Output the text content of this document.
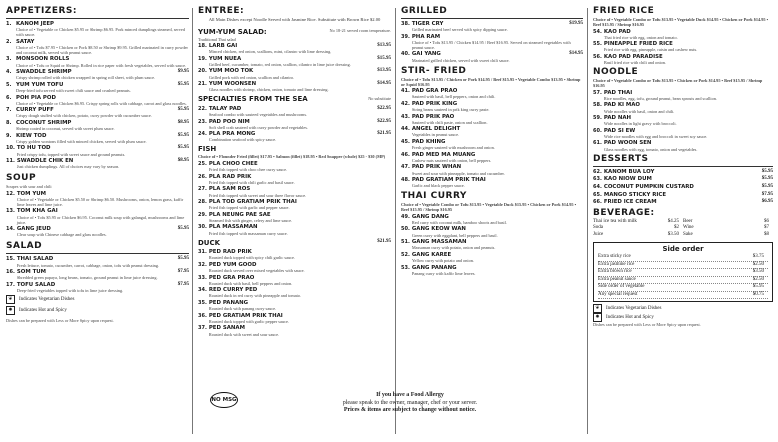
APPETIZERS:
1. KANOM JEEP
Choice of • Vegetable or Chicken $5.95 or Shrimp $6.95. Pork minced dumplings steamed, served with sauce.
2. SATAY
Choice of • Tofu $7.95 • Chicken or Pork $8.50 or Shrimp $9.95. Grilled marinated in curry powder and coconut milk, served with peanut sauce.
3. MONSOON ROLLS
Choice of • Tofu or Squid or Shrimp. Rolled in rice paper with fresh vegetables, served with sauce.
4. SWADDLE SHRIMP	$9.95
Crispy shrimp rolled with chicken wrapped in spring roll sheet, with plum sauce.
5. YUM YUM TOFU	$5.95
Deep-fried tofu served with sweet chili sauce and crushed peanuts.
6. POH PIA POD
Choice of • Vegetable or Chicken $6.95. Crispy spring rolls with cabbage, carrot and glass noodles.
7. CURRY PUFF	$5.95
Crispy dough stuffed with chicken, potato, curry powder with cucumber sauce.
8. COCONUT SHRIMP	$8.95
Shrimp coated in coconut, served with sweet plum sauce.
9. KIEW TOD	$5.95
Crispy golden wontons filled with minced chicken, served with plum sauce.
10. TO HU TOD	$5.95
Fried crispy tofu, topped with sweet sauce and ground peanuts.
11. SWADDLE CHIK EN	$8.95
Just chicken dumplings. All of choices may vary by season.
SOUP
Soupes with sour and chili
12. TOM YUM
Choice of • Vegetable or Chicken $5.50 or Shrimp $6.50. Mushrooms, onion, lemon grass, kaffir lime leaves and lime juice.
13. TOM KHA GAI
Choice of • Tofu $5.95 or Chicken $6.95. Coconut milk soup with galangal, mushrooms and lime juice.
14. GANG JEUD	$5.95
Clear soup with Chinese cabbage and glass noodles.
SALAD
15. THAI SALAD	$5.95
Fresh lettuce, tomato, cucumber, carrot, cabbage, onion, tofu with peanut dressing.
16. SOM TUM	$7.95
Shredded green papaya, long beans, tomato, ground peanut in lime juice dressing.
17. TOFU SALAD	$7.95
Deep-fried vegetables topped with tofu in lime juice dressing.
❦	Indicates Vegetarian Dishes
✸	Indicates Hot and Spicy
Dishes can be prepared with Less or More Spicy upon request.
ENTREE:
All Main Dishes except Noodle Served with Jasmine Rice. Substitute with Brown Rice $2.00
YUM-YUM SALAD:	No 18-21 served room temperature.
Traditional Thai salad
18. LARB GAI	$13.95
Minced chicken, red onion, scallions, mint, cilantro with lime dressing.
19. YUM NUEA	$15.95
Grilled beef, cucumber, tomato, red onion, scallion, cilantro in lime juice dressing.
20. YUM MOO TOK	$13.95
Grilled pork with red onion, scallion and cilantro.
21. YUM WOONSEN	$14.95
Glass noodles with shrimp, chicken, onion, tomato and lime dressing.
SPECIALTIES FROM THE SEA	No substitute
22. TALAY PAD	$22.95
Seafood combo with sauteed vegetables and mushrooms.
23. PAD POO NIM	$22.95
Soft shell crab sauteed with curry powder and vegetables.
24. PLA PRA MONG	$21.95
Combination seafood with spicy sauce.
FISH
Choice of • Flounder Fried (fillet) $17.95 • Salmon (fillet) $18.95 • Red Snapper (whole) $25 - $30 (MP)
25. PLA CHOO CHEE
Fried fish topped with choo chee curry sauce.
26. PLA RAD PRIK
Fried fish topped with chili garlic and basil sauce.
27. PLA SAM ROS
Fried fish topped with sweet and sour three flavor sauce.
28. PLA TOD GRATIAM PRIK THAI
Fried fish topped with garlic and pepper sauce.
29. PLA NEUNG PAE SAE
Steamed fish with ginger, celery and lime sauce.
30. PLA MASSAMAN
Fried fish topped with massaman curry sauce.
DUCK	$21.95
31. PED RAD PRIK
Roasted duck topped with spicy chili garlic sauce.
32. PED YUM GOOD
Roasted duck served over mixed vegetables with sauce.
33. PED GRA PRAO
Roasted duck with basil, bell peppers and onion.
34. RED CURRY PED
Roasted duck in red curry with pineapple and tomato.
35. PED PANANG
Roasted duck with panang curry sauce.
36. PED GRATIAM PRIK THAI
Roasted duck topped with garlic pepper sauce.
37. PED SANAM
Roasted duck with sweet and sour sauce.
GRILLED
38. TIGER CRY	$19.95
Grilled marinated beef served with spicy dipping sauce.
39. PHA RAM
Choice of • Tofu $13.95 / Chicken $14.95 / Beef $16.95. Served on steamed vegetables with peanut sauce.
40. GAI YANG	$14.95
Marinated grilled chicken, served with sweet chili sauce.
STIR- FRIED
Choice of • Tofu $13.95 / Chicken or Pork $14.95 / Beef $15.95 • Vegetable Combo $13.95 • Shrimp or Squid $16.95
41. PAD GRA PRAO
Sauteed with basil, bell peppers, onion and chili.
42. PAD PRIK KING
String beans sauteed in prik king curry paste.
43. PAD PRIK PAO
Sauteed with chili paste, onion and scallion.
44. ANGEL DELIGHT
Vegetables in peanut sauce.
45. PAD KHING
Fresh ginger sauteed with mushroom and onion.
46. PAD MED MA MUANG
Cashew nuts sauteed with onion, bell peppers.
47. PAD PRIK WHAN
Sweet and sour with pineapple, tomato and cucumber.
48. PAD GRATIAM PRIK THAI
Garlic and black pepper sauce.
THAI CURRY
Choice of • Vegetable Combo or Tofu $13.95 • Vegetable Duck $15.95 • Chicken or Pork $14.95 • Beef $15.95 / Shrimp $16.95
49. GANG DANG
Red curry with coconut milk, bamboo shoots and basil.
50. GANG KEOW WAN
Green curry with eggplant, bell peppers and basil.
51. GANG MASSAMAN
Massaman curry with potato, onion and peanuts.
52. GANG KAREE
Yellow curry with potato and onion.
53. GANG PANANG
Panang curry with kaffir lime leaves.
FRIED RICE
Choice of • Vegetable Combo or Tofu $13.95 • Vegetable Duck $14.95 • Chicken or Pork $14.95 • Beef $15.95 / Shrimp $16.95
54. KAO PAD
Thai fried rice with egg, onion and tomato.
55. PINEAPPLE FRIED RICE
Fried rice with egg, pineapple, raisin and cashew nuts.
56. KAO PAD PARADISE
Basil fried rice with chili and onion.
NOODLE
Choice of • Vegetable Combo or Tofu $13.95 • Chicken or Pork $14.95 • Beef $15.95 / Shrimp $16.95
57. PAD THAI
Rice noodles, egg, tofu, ground peanut, bean sprouts and scallion.
58. PAD KI MAO
Wide noodles with basil, onion and chili.
59. PAD NAH
Wide noodles in light gravy with broccoli.
60. PAD SI EW
Wide rice noodles with egg and broccoli in sweet soy sauce.
61. PAD WOON SEN
Glass noodles with egg, tomato, onion and vegetables.
DESSERTS
62. KANOM BUA LOY	$5.95
63. KAO NIOW DUM	$5.95
64. COCONUT PUMPKIN CUSTARD	$5.95
65. MANGO STICKY RICE	$7.95
66. FRIED ICE CREAM	$6.95
BEVERAGE:
Thai ice tea with milk	$4.25 Beer	$6
Soda	$2 Wine	$7
Juice	$3.50 Sake	$8
Side order
Extra sticky rice	$3.75
Extra jasmine rice	$2.50
Extra brown rice	$3.50
Extra peanut sauce	$2.50
Side order of vegetable	$5.95
Any special request	$0.75
❦	Indicates Vegetarian Dishes
✸	Indicates Hot and Spicy
Dishes can be prepared with Less or More Spicy upon request.
NO MSG
If you have a Food Allergy
please speak to the owner, manager, chef or your server.
Prices & items are subject to change without notice.
